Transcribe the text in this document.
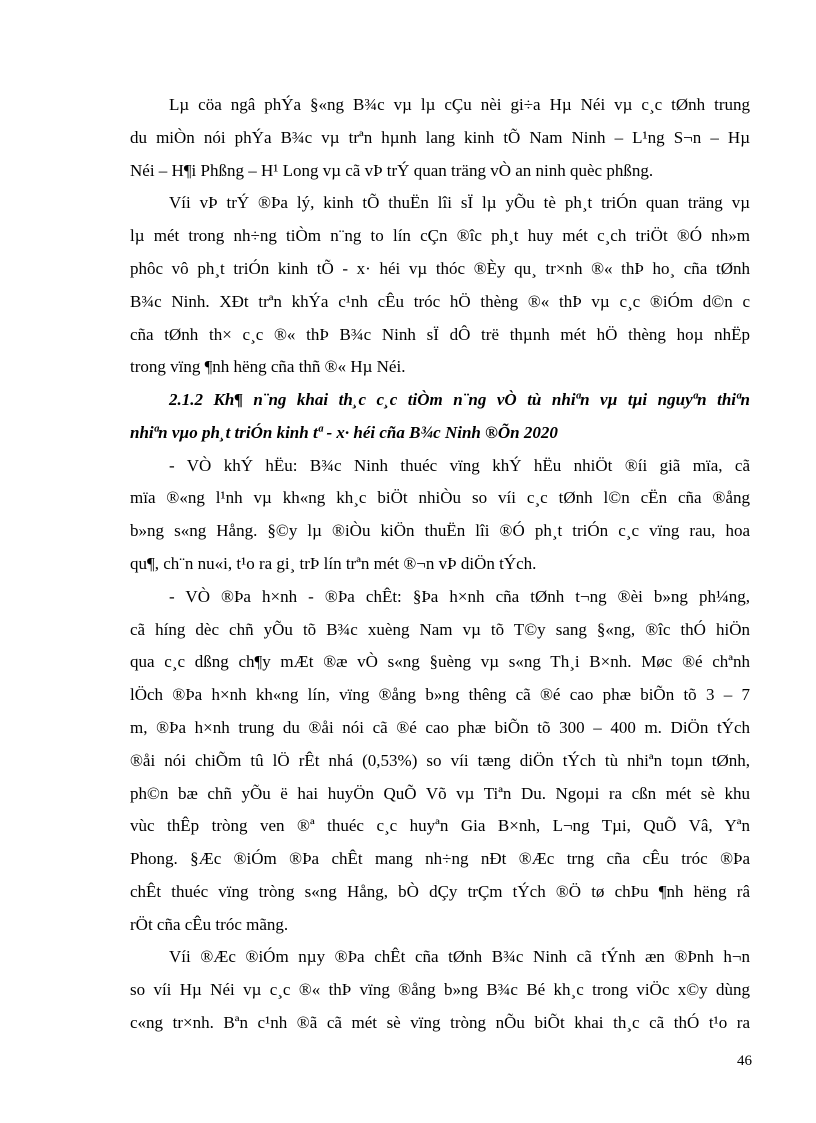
Lµ cöa ngâ phÝa §«ng B¾c vµ lµ cÇu nèi gi÷a Hµ Néi vµ c¸c tØnh trung
du miÒn nói phÝa B¾c vµ trªn hµnh lang kinh tÕ Nam Ninh – L¹ng S¬n – Hµ
Néi – H¶i Phßng – H¹ Long vµ cã vÞ trÝ quan träng vÒ an ninh quèc phßng.
Víi vÞ trÝ ®Þa lý, kinh tÕ thuËn lîi sÏ lµ yÕu tè ph¸t triÓn quan träng vµ
lµ mét trong nh÷ng tiÒm n¨ng to lín cÇn ®îc ph¸t huy mét c¸ch triÖt ®Ó nh»m
phôc vô ph¸t triÓn kinh tÕ - x· héi vµ thóc ®Èy qu¸ tr×nh ®« thÞ ho¸ cña tØnh
B¾c Ninh. XÐt trªn khÝa c¹nh cÊu tróc hÖ thèng ®« thÞ vµ c¸c ®iÓm d©n c
cña tØnh th× c¸c ®« thÞ B¾c Ninh sÏ dÔ trë thµnh mét hÖ thèng hoµ nhËp
trong vïng ¶nh hëng cña thñ ®« Hµ Néi.
2.1.2 Kh¶ n¨ng khai th¸c c¸c tiÒm n¨ng vÒ tù nhiªn vµ tµi nguyªn thiªn
nhiªn vµo ph¸t triÓn kinh tª - x· héi cña B¾c Ninh ®Õn 2020
- VÒ khÝ hËu: B¾c Ninh thuéc vïng khÝ hËu nhiÖt ®íi giã mïa, cã
mïa ®«ng l¹nh vµ kh«ng kh¸c biÖt nhiÒu so víi c¸c tØnh l©n cËn cña ®ång
b»ng s«ng Hång. §©y lµ ®iÒu kiÖn thuËn lîi ®Ó ph¸t triÓn c¸c vïng rau, hoa
qu¶, ch¨n nu«i, t¹o ra gi¸ trÞ lín trªn mét ®¬n vÞ diÖn tÝch.
- VÒ ®Þa h×nh - ®Þa chÊt: §Þa h×nh cña tØnh t¬ng ®èi b»ng ph¼ng,
cã híng dèc chñ yÕu tõ B¾c xuèng Nam vµ tõ T©y sang §«ng, ®îc thÓ hiÖn
qua c¸c dßng ch¶y mÆt ®æ vÒ s«ng §uèng vµ s«ng Th¸i B×nh. Møc ®é chªnh
lÖch ®Þa h×nh kh«ng lín, vïng ®ång b»ng thêng cã ®é cao phæ biÕn tõ 3 – 7
m, ®Þa h×nh trung du ®åi nói cã ®é cao phæ biÕn tõ 300 – 400 m. DiÖn tÝch
®åi nói chiÕm tû lÖ rÊt nhá (0,53%) so víi tæng diÖn tÝch tù nhiªn toµn tØnh,
ph©n bæ chñ yÕu ë hai huyÖn QuÕ Võ vµ Tiªn Du. Ngoµi ra cßn mét sè khu
vùc thÊp tròng ven ®ª thuéc c¸c huyªn Gia B×nh, L¬ng Tµi, QuÕ Vâ, Yªn
Phong. §Æc ®iÓm ®Þa chÊt mang nh÷ng nÐt ®Æc trng cña cÊu tróc ®Þa
chÊt thuéc vïng tròng s«ng Hång, bÒ dÇy trÇm tÝch ®Ö tø chÞu ¶nh hëng râ
rÖt cña cÊu tróc mãng.
Víi ®Æc ®iÓm nµy ®Þa chÊt cña tØnh B¾c Ninh cã tÝnh æn ®Þnh h¬n
so víi Hµ Néi vµ c¸c ®« thÞ vïng ®ång b»ng B¾c Bé kh¸c trong viÖc x©y dùng
c«ng tr×nh. Bªn c¹nh ®ã cã mét sè vïng tròng nÕu biÕt khai th¸c cã thÓ t¹o ra
46
